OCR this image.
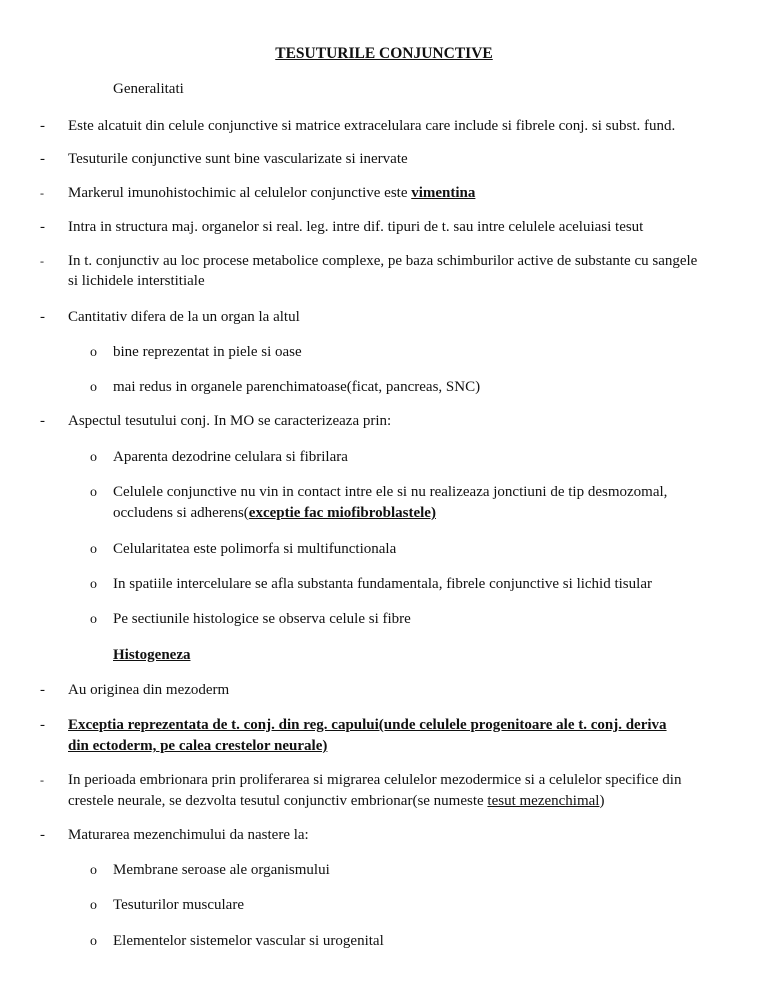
TESUTURILE CONJUNCTIVE
Generalitati
-	Este alcatuit din celule conjunctive si matrice extracelulara care include si fibrele conj. si subst. fund.
-	Tesuturile conjunctive sunt bine vascularizate si inervate
-	Markerul imunohistochimic al celulelor conjunctive este vimentina
-	Intra in structura maj. organelor si real. leg. intre dif. tipuri de t. sau intre celulele aceluiasi tesut
-	In t. conjunctiv au loc procese metabolice complexe, pe baza schimburilor active de substante cu sangele
si lichidele interstitiale
-	Cantitativ difera de la un organ la altul
o bine reprezentat in piele si oase
o mai redus in organele parenchimatoase(ficat, pancreas, SNC)
-	Aspectul tesutului conj. In MO se caracterizeaza prin:
o Aparenta dezodrine celulara si fibrilara
o Celulele conjunctive nu vin in contact intre ele si nu realizeaza jonctiuni de tip desmozomal,
occludens si adherens(exceptie fac miofibroblastele)
o Celularitatea este polimorfa si multifunctionala
o In spatiile intercelulare se afla substanta fundamentala, fibrele conjunctive si lichid tisular
o Pe sectiunile histologice se observa celule si fibre
Histogeneza
-	Au originea din mezoderm
-	Exceptia reprezentata de t. conj. din reg. capului(unde celulele progenitoare ale t. conj. deriva
din ectoderm, pe calea crestelor neurale)
-	In perioada embrionara prin proliferarea si migrarea celulelor mezodermice si a celulelor specifice din
crestele neurale, se dezvolta tesutul conjunctiv embrionar(se numeste tesut mezenchimal)
-	Maturarea mezenchimului da nastere la:
o Membrane seroase ale organismului
o Tesuturilor musculare
o Elementelor sistemelor vascular si urogenital
